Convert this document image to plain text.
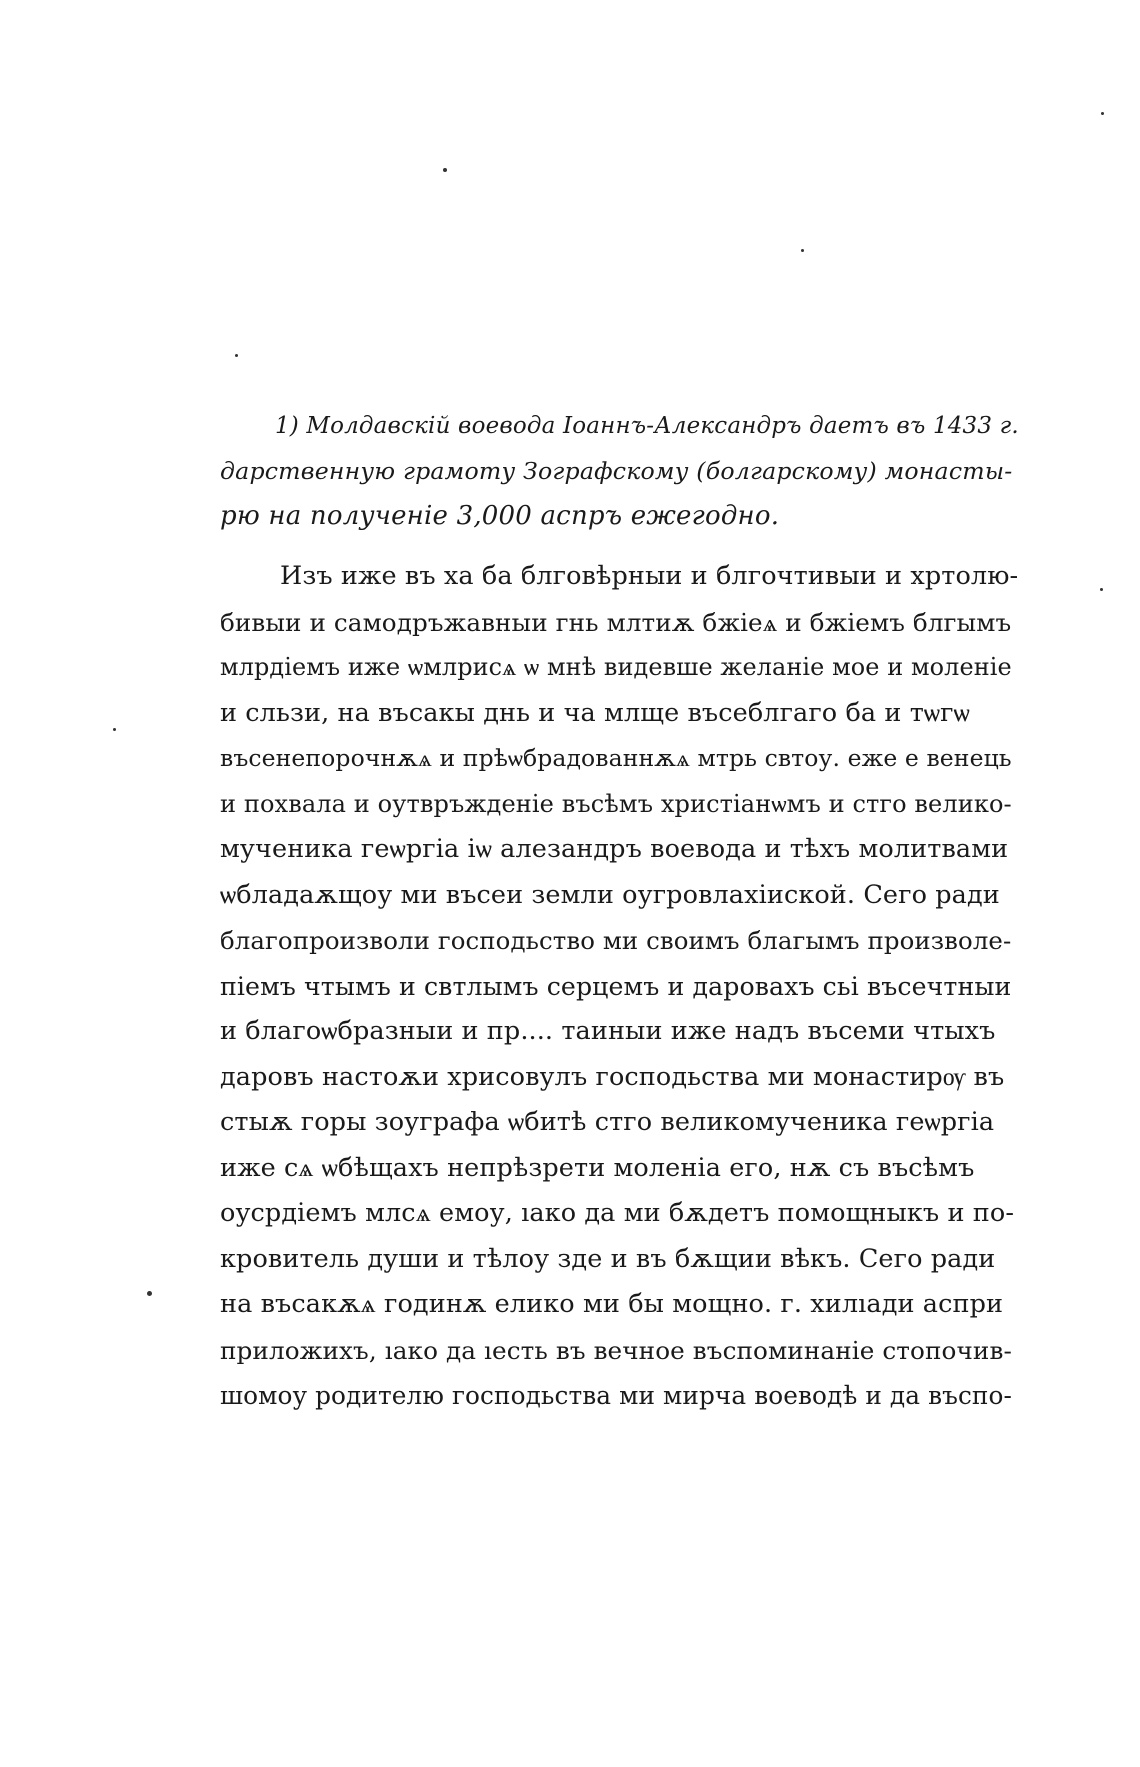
1) Молдавскій воевода Іоаннъ-Александръ даетъ въ 1433 г.
дарственную грамоту Зографскому (болгарскому) монасты-
рю на полученіе 3,000 аспръ ежегодно.
Изъ иже въ ха ба блговѣрныи и блгочтивыи и хртолю-
бивыи и самодръжавныи гнь млтиѫ бжіеѧ и бжіемъ блгымъ
млрдіемъ иже ѡмлрисѧ ѡ мнѣ видевше желаніе мое и моленіе
и сльзи, на въсакы днь и ча млще въсеблгаго ба и тѡгѡ
въсенепорочнѫѧ и прѣѡбрадованнѫѧ мтрь свтоу. еже е венець
и похвала и оутвръжденіе въсѣмъ христіанѡмъ и стго велико-
мученика геѡргіа іѡ алезандръ воевода и тѣхъ молитвами
ѡбладаѫщоу ми въсеи земли оугровлахіиской. Сего ради
благопроизволи господьство ми своимъ благымъ произволе-
піемъ чтымъ и свтлымъ серцемъ и даровахъ сьі въсечтныи
и благоѡбразныи и пр.... таиныи иже надъ въсеми чтыхъ
даровъ настоѫи хрисовулъ господьства ми монастирѹ въ
стыѫ горы зоуграфа ѡбитѣ стго великомученика геѡргіа
иже сѧ ѡбѣщахъ непрѣзрети моленіа его, нѫ съ въсѣмъ
оусрдіемъ млсѧ емоу, ıако да ми бѫдетъ помощныкъ и по-
кровитель души и тѣлоу зде и въ бѫщии вѣкъ. Сего ради
на въсакѫѧ годинѫ елико ми бы мощно. г. хилıади аспри
приложихъ, ıако да ıесть въ вечное въспоминаніе стопочив-
шомоу родителю господьства ми мирча воеводѣ и да въспо-
